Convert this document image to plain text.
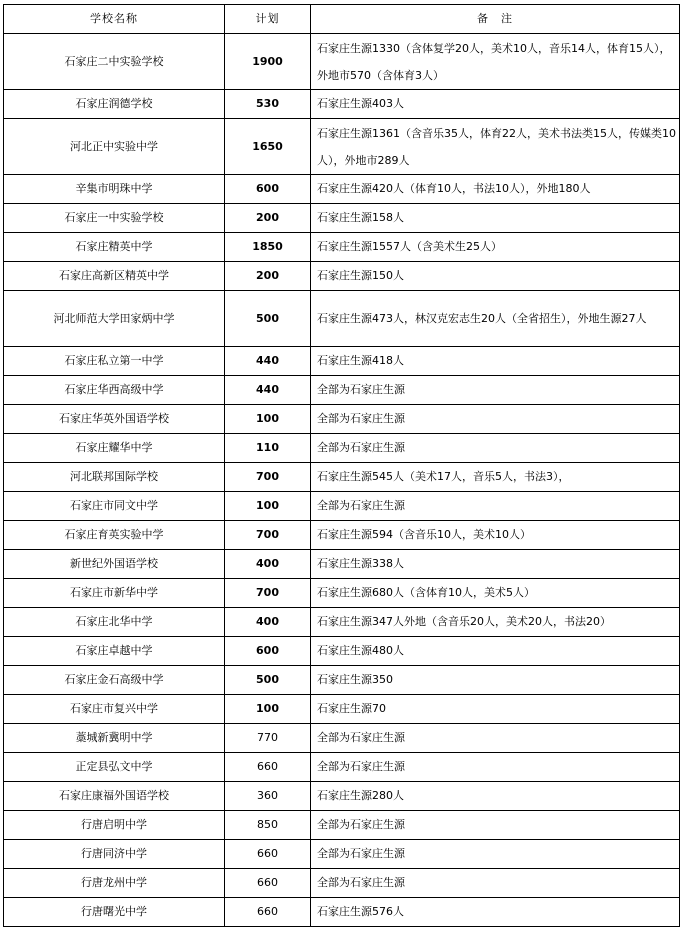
学校名称	计划	备　注
石家庄二中实验学校	1900	石家庄生源1330（含体复学20人，美术10人，音乐14人，体育15人），外地市570（含体育3人）
石家庄润德学校	530	石家庄生源403人
河北正中实验中学	1650	石家庄生源1361（含音乐35人，体育22人，美术书法类15人，传媒类10人），外地市289人
辛集市明珠中学	600	石家庄生源420人（体育10人，书法10人），外地180人
石家庄一中实验学校	200	石家庄生源158人
石家庄精英中学	1850	石家庄生源1557人（含美术生25人）
石家庄高新区精英中学	200	石家庄生源150人
河北师范大学田家炳中学	500	石家庄生源473人，林汉克宏志生20人（全省招生），外地生源27人
石家庄私立第一中学	440	石家庄生源418人
石家庄华西高级中学	440	全部为石家庄生源
石家庄华英外国语学校	100	全部为石家庄生源
石家庄耀华中学	110	全部为石家庄生源
河北联邦国际学校	700	石家庄生源545人（美术17人，音乐5人，书法3），
石家庄市同文中学	100	全部为石家庄生源
石家庄育英实验中学	700	石家庄生源594（含音乐10人，美术10人）
新世纪外国语学校	400	石家庄生源338人
石家庄市新华中学	700	石家庄生源680人（含体育10人，美术5人）
石家庄北华中学	400	石家庄生源347人外地（含音乐20人，美术20人，书法20）
石家庄卓越中学	600	石家庄生源480人
石家庄金石高级中学	500	石家庄生源350
石家庄市复兴中学	100	石家庄生源70
藁城新冀明中学	770	全部为石家庄生源
正定县弘文中学	660	全部为石家庄生源
石家庄康福外国语学校	360	石家庄生源280人
行唐启明中学	850	全部为石家庄生源
行唐同济中学	660	全部为石家庄生源
行唐龙州中学	660	全部为石家庄生源
行唐曙光中学	660	石家庄生源576人
